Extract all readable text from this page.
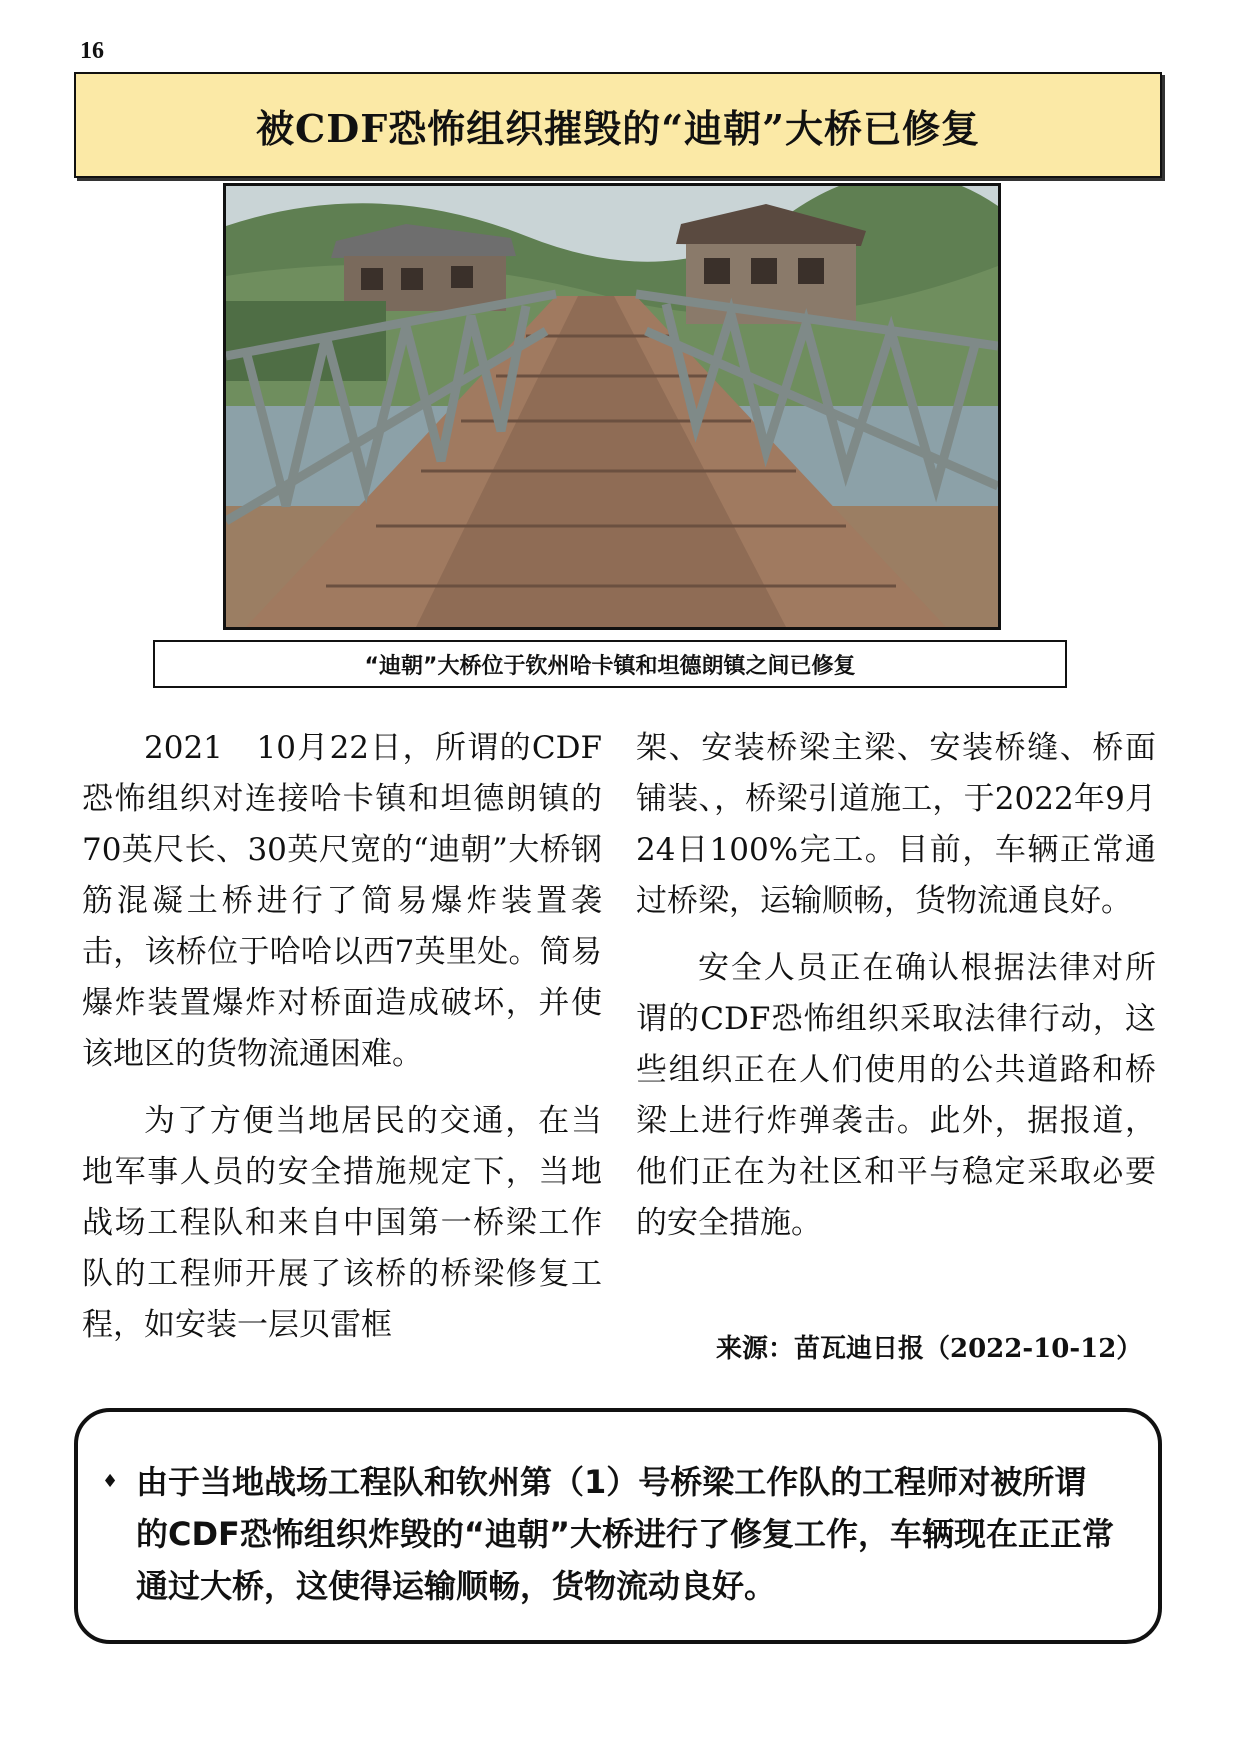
16
被CDF恐怖组织摧毁的“迪朝”大桥已修复
“迪朝”大桥位于钦州哈卡镇和坦德朗镇之间已修复

2021　10月22日，所谓的CDF恐怖组织对连接哈卡镇和坦德朗镇的70英尺长、30英尺宽的“迪朝”大桥钢筋混凝土桥进行了简易爆炸装置袭击，该桥位于哈哈以西7英里处。简易爆炸装置爆炸对桥面造成破坏，并使该地区的货物流通困难。

为了方便当地居民的交通，在当地军事人员的安全措施规定下，当地战场工程队和来自中国第一桥梁工作队的工程师开展了该桥的桥梁修复工程，如安装一层贝雷框

架、安装桥梁主梁、安装桥缝、桥面铺装、，桥梁引道施工，于2022年9月24日100%完工。目前，车辆正常通过桥梁，运输顺畅，货物流通良好。

安全人员正在确认根据法律对所谓的CDF恐怖组织采取法律行动，这些组织正在人们使用的公共道路和桥梁上进行炸弹袭击。此外，据报道，他们正在为社区和平与稳定采取必要的安全措施。

来源：苗瓦迪日报（2022-10-12）
♦ 由于当地战场工程队和钦州第（1）号桥梁工作队的工程师对被所谓的CDF恐怖组织炸毁的“迪朝”大桥进行了修复工作，车辆现在正正常通过大桥，这使得运输顺畅，货物流动良好。
